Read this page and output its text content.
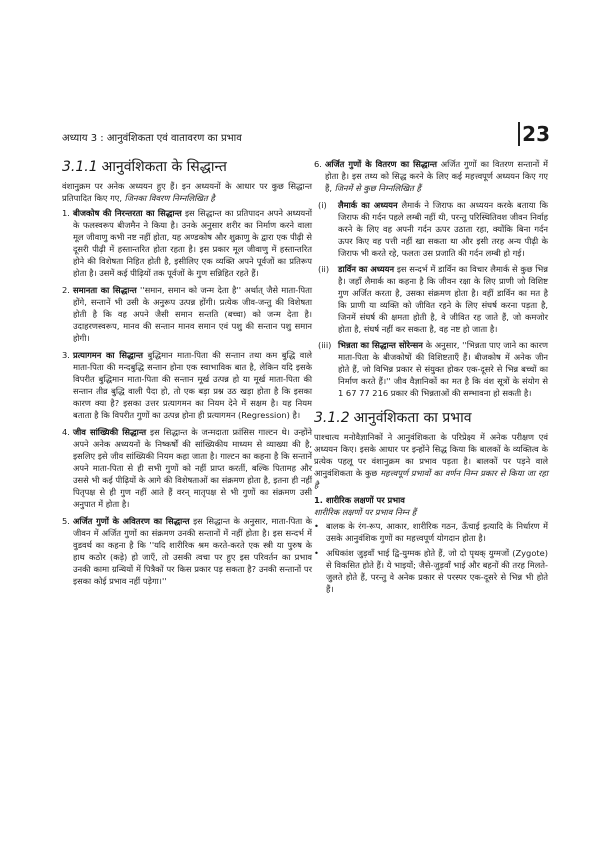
अध्याय 3 : आनुवंशिकता एवं वातावरण का प्रभाव	23
3.1.1 आनुवंशिकता के सिद्धान्त

वंशानुक्रम पर अनेक अध्ययन हुए हैं। इन अध्ययनों के आधार पर कुछ सिद्धान्त प्रतिपादित किए गए, जिनका विवरण निम्नलिखित है

1. बीजकोष की निरन्तरता का सिद्धान्त इस सिद्धान्त का प्रतिपादन अपने अध्ययनों के फलस्वरूप बीजमैन ने किया है। उनके अनुसार शरीर का निर्माण करने वाला मूल जीवाणु कभी नष्ट नहीं होता, यह अण्डकोष और शुक्राणु के द्वारा एक पीढ़ी से दूसरी पीढ़ी में हस्तान्तरित होता रहता है। इस प्रकार मूल जीवाणु में हस्तान्तरित होने की विशेषता निहित होती है, इसीलिए एक व्यक्ति अपने पूर्वजों का प्रतिरूप होता है। उसमें कई पीढ़ियों तक पूर्वजों के गुण सन्निहित रहते हैं।
2. समानता का सिद्धान्त ''समान, समान को जन्म देता है'' अर्थात् जैसे माता-पिता होंगे, सन्तानें भी उसी के अनुरूप उत्पन्न होंगी। प्रत्येक जीव-जन्तु की विशेषता होती है कि वह अपने जैसी समान सन्तति (बच्चा) को जन्म देता है। उदाहरणस्वरूप, मानव की सन्तान मानव समान एवं पशु की सन्तान पशु समान होगी।
3. प्रत्यागमन का सिद्धान्त बुद्धिमान माता-पिता की सन्तान तथा कम बुद्धि वाले माता-पिता की मन्दबुद्धि सन्तान होना एक स्वाभाविक बात है, लेकिन यदि इसके विपरीत बुद्धिमान माता-पिता की सन्तान मूर्ख उत्पन्न हो या मूर्ख माता-पिता की सन्तान तीव्र बुद्धि वाली पैदा हो, तो एक बड़ा प्रश्न उठ खड़ा होता है कि इसका कारण क्या है? इसका उत्तर प्रत्यागमन का नियम देने में सक्षम है। यह नियम बताता है कि विपरीत गुणों का उत्पन्न होना ही प्रत्यागमन (Regression) है।
4. जीव सांख्यिकी सिद्धान्त इस सिद्धान्त के जन्मदाता फ्रांसिस गाल्टन थे। उन्होंने अपने अनेक अध्ययनों के निष्कर्षों की सांख्यिकीय माध्यम से व्याख्या की है, इसलिए इसे जीव सांख्यिकी नियम कहा जाता है। गाल्टन का कहना है कि सन्तानें अपने माता-पिता से ही सभी गुणों को नहीं प्राप्त करतीं, बल्कि पितामह और उससे भी कई पीढ़ियों के आगे की विशेषताओं का संक्रमण होता है, इतना ही नहीं पितृपक्ष से ही गुण नहीं आते हैं वरन् मातृपक्ष से भी गुणों का संक्रमण उसी अनुपात में होता है।
5. अर्जित गुणों के अवितरण का सिद्धान्त इस सिद्धान्त के अनुसार, माता-पिता के जीवन में अर्जित गुणों का संक्रमण उनकी सन्तानों में नहीं होता है। इस सन्दर्भ में वुडवर्थ का कहना है कि ''यदि शारीरिक श्रम करते-करते एक स्त्री या पुरुष के हाथ कठोर (कड़े) हो जाएँ, तो उसकी त्वचा पर हुए इस परिवर्तन का प्रभाव उनकी कामा ग्रन्थियों में पित्रैकों पर किस प्रकार पड़ सकता है? उनकी सन्तानों पर इसका कोई प्रभाव नहीं पड़ेगा।''
6. अर्जित गुणों के वितरण का सिद्धान्त अर्जित गुणों का वितरण सन्तानों में होता है। इस तथ्य को सिद्ध करने के लिए कई महत्त्वपूर्ण अध्ययन किए गए हैं, जिनमें से कुछ निम्नलिखित हैं
(i)	लैमार्क का अध्ययन लैमार्क ने जिराफ का अध्ययन करके बताया कि जिराफ की गर्दन पहले लम्बी नहीं थी, परन्तु परिस्थितिवश जीवन निर्वाह करने के लिए वह अपनी गर्दन ऊपर उठाता रहा, क्योंकि बिना गर्दन ऊपर किए वह पत्ती नहीं खा सकता था और इसी तरह अन्य पीढ़ी के जिराफ भी करते रहे, फलतः उस प्रजाति की गर्दन लम्बी हो गई।
(ii)	डार्विन का अध्ययन इस सन्दर्भ में डार्विन का विचार लैमार्क से कुछ भिन्न है। जहाँ लैमार्क का कहना है कि जीवन रक्षा के लिए प्राणी जो विशिष्ट गुण अर्जित करता है, उसका संक्रमण होता है। वहीं डार्विन का मत है कि प्राणी या व्यक्ति को जीवित रहने के लिए संघर्ष करना पड़ता है, जिनमें संघर्ष की क्षमता होती है, वे जीवित रह जाते हैं, जो कमजोर होता है, संघर्ष नहीं कर सकता है, वह नष्ट हो जाता है।
(iii) भिन्नता का सिद्धान्त सोरेन्सन के अनुसार, ''भिन्नता पाए जाने का कारण माता-पिता के बीजकोषों की विशिष्टताएँ हैं। बीजकोष में अनेक जीन होते हैं, जो विभिन्न प्रकार से संयुक्त होकर एक-दूसरे से भिन्न बच्चों का निर्माण करते हैं।'' जीव वैज्ञानिकों का मत है कि वंश सूत्रों के संयोग से 1 67 77 216 प्रकार की भिन्नताओं की सम्भावना हो सकती है।
3.1.2 आनुवंशिकता का प्रभाव

पाश्चात्य मनोवैज्ञानिकों ने आनुवंशिकता के परिप्रेक्ष्य में अनेक परीक्षण एवं अध्ययन किए। इसके आधार पर इन्होंने सिद्ध किया कि बालकों के व्यक्तित्व के प्रत्येक पहलू पर वंशानुक्रम का प्रभाव पड़ता है। बालकों पर पड़ने वाले आनुवंशिकता के कुछ महत्त्वपूर्ण प्रभावों का वर्णन निम्न प्रकार से किया जा रहा है

1. शारीरिक लक्षणों पर प्रभाव
शारीरिक लक्षणों पर प्रभाव निम्न हैं
• बालक के रंग-रूप, आकार, शारीरिक गठन, ऊँचाई इत्यादि के निर्धारण में उसके आनुवंशिक गुणों का महत्त्वपूर्ण योगदान होता है।
• अधिकांश जुड़वाँ भाई द्वि-युग्मक होते हैं, जो दो पृथक् युग्मजों (Zygote) से विकसित होते हैं। ये भाइयों; जैसे-जुड़वाँ भाई और बहनों की तरह मिलते-जुलते होते हैं, परन्तु वे अनेक प्रकार से परस्पर एक-दूसरे से भिन्न भी होते हैं।
